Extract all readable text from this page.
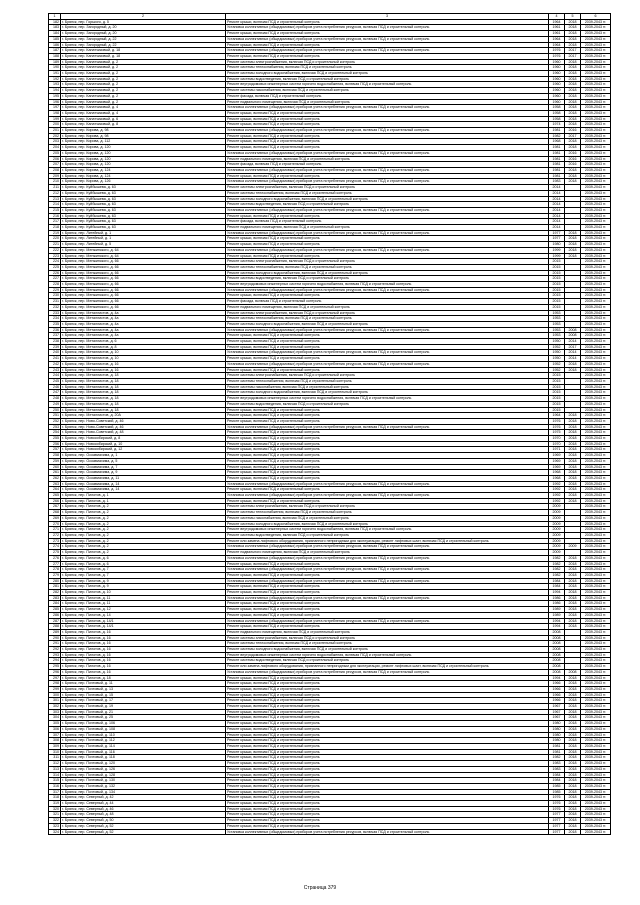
1	2	3	4	5	6
182	г. Брянск, пер. Горького, д. 5	Ремонт крыши, включая ПСД и строительный контроль	1964	2018	2039-2043 гг.
183	г. Брянск, пер. Загородный, д. 20	Установка коллективных (общедомовых) приборов учета потребления ресурсов, включая ПСД и строительный контроль	1961	2018	2039-2043 гг.
184	г. Брянск, пер. Загородный, д. 20	Ремонт крыши, включая ПСД и строительный контроль	1961	2018	2039-2043 гг.
185	г. Брянск, пер. Загородный, д. 22	Установка коллективных (общедомовых) приборов учета потребления ресурсов, включая ПСД и строительный контроль	1964	2018	2039-2043 гг.
186	г. Брянск, пер. Загородный, д. 22	Ремонт крыши, включая ПСД и строительный контроль	1964	2018	2039-2043 гг.
187	г. Брянск, пер. Канатчиковый, д. 18	Установка коллективных (общедомовых) приборов учета потребления ресурсов, включая ПСД и строительный контроль	1976	2017	2039-2043 гг.
188	г. Брянск, пер. Канатчиковый, д. 18	Ремонт крыши, включая ПСД и строительный контроль	1976	2017	2039-2043 гг.
189	г. Брянск, пер. Канатчиковый, д. 2	Ремонт системы электроснабжения, включая ПСД и строительный контроль	1960	2018	2039-2043 гг.
190	г. Брянск, пер. Канатчиковый, д. 2	Ремонт системы теплоснабжения, включая ПСД и строительный контроль	1960	2018	2039-2043 гг.
191	г. Брянск, пер. Канатчиковый, д. 2	Ремонт системы холодного водоснабжения, включая ПСД и строительный контроль	1960	2018	2039-2043 гг.
192	г. Брянск, пер. Канатчиковый, д. 2	Ремонт системы водоотведения, включая ПСД и строительный контроль	1960	2018	2039-2043 гг.
193	г. Брянск, пер. Канатчиковый, д. 2	Ремонт внутридомовых инженерных систем горячего водоснабжения, включая ПСД и строительный контроль	1960	2018	2039-2043 гг.
194	г. Брянск, пер. Канатчиковый, д. 2	Ремонт системы газоснабжения, включая ПСД и строительный контроль	1960	2018	2039-2043 гг.
195	г. Брянск, пер. Канатчиковый, д. 2	Ремонт фасада, включая ПСД и строительный контроль	1960	2018	2039-2043 гг.
196	г. Брянск, пер. Канатчиковый, д. 2	Ремонт подвального помещения, включая ПСД и строительный контроль	1960	2018	2039-2043 гг.
197	г. Брянск, пер. Канатчиковый, д. 4	Установка коллективных (общедомовых) приборов учета потребления ресурсов, включая ПСД и строительный контроль	1958	2018	2039-2043 гг.
198	г. Брянск, пер. Канатчиковый, д. 4	Ремонт крыши, включая ПСД и строительный контроль	1958	2018	2039-2043 гг.
199	г. Брянск, пер. Канатчиковый, д. 6	Ремонт крыши, включая ПСД и строительный контроль	1958	2018	2039-2043 гг.
200	г. Брянск, пер. Канатчиковый, д. 8	Ремонт крыши, включая ПСД и строительный контроль	1974	2018	2039-2043 гг.
201	г. Брянск, пер. Кирова, д. 98	Установка коллективных (общедомовых) приборов учета потребления ресурсов, включая ПСД и строительный контроль	1981	2016	2039-2043 гг.
202	г. Брянск, пер. Кирова, д. 98	Ремонт крыши, включая ПСД и строительный контроль	1982	2017	2039-2043 гг.
203	г. Брянск, пер. Кирова, д. 112	Ремонт крыши, включая ПСД и строительный контроль	1968	2018	2039-2043 гг.
204	г. Брянск, пер. Кирова, д. 120	Ремонт крыши, включая ПСД и строительный контроль	1981	2018	2039-2043 гг.
205	г. Брянск, пер. Кирова, д. 120	Установка коллективных (общедомовых) приборов учета потребления ресурсов, включая ПСД и строительный контроль	1981	2016	2039-2043 гг.
206	г. Брянск, пер. Кирова, д. 120	Ремонт подвального помещения, включая ПСД и строительный контроль	1981	2016	2039-2043 гг.
207	г. Брянск, пер. Кирова, д. 120	Ремонт фасада, включая ПСД и строительный контроль	1981	2016	2039-2043 гг.
208	г. Брянск, пер. Кирова, д. 124	Установка коллективных (общедомовых) приборов учета потребления ресурсов, включая ПСД и строительный контроль	1981	2018	2039-2043 гг.
209	г. Брянск, пер. Кирова, д. 124	Ремонт крыши, включая ПСД и строительный контроль	1981	2018	2039-2043 гг.
210	г. Брянск, пер. Кирова, д. 126	Установка коллективных (общедомовых) приборов учета потребления ресурсов, включая ПСД и строительный контроль	1983	2018	2039-2043 гг.
211	г. Брянск, пер. Куйбышева, д. 63	Ремонт системы электроснабжения, включая ПСД и строительный контроль	2014		2039-2043 гг.
212	г. Брянск, пер. Куйбышева, д. 63	Ремонт системы теплоснабжения, включая ПСД и строительный контроль	2014		2039-2043 гг.
213	г. Брянск, пер. Куйбышева, д. 63	Ремонт системы холодного водоснабжения, включая ПСД и строительный контроль	2014		2039-2043 гг.
214	г. Брянск, пер. Куйбышева, д. 63	Ремонт системы водоотведения, включая ПСД и строительный контроль	2014		2039-2043 гг.
215	г. Брянск, пер. Куйбышева, д. 63	Установка коллективных (общедомовых) приборов учета потребления ресурсов, включая ПСД и строительный контроль	2014		2039-2043 гг.
216	г. Брянск, пер. Куйбышева, д. 63	Ремонт крыши, включая ПСД и строительный контроль	2014		2039-2043 гг.
217	г. Брянск, пер. Куйбышева, д. 63	Ремонт фасада, включая ПСД и строительный контроль	2014		2039-2043 гг.
218	г. Брянск, пер. Куйбышева, д. 63	Ремонт подвального помещения, включая ПСД и строительный контроль	2014		2039-2043 гг.
219	г. Брянск, пер. Литейный, д. 1	Установка коллективных (общедомовых) приборов учета потребления ресурсов, включая ПСД и строительный контроль	1977	2018	2039-2043 гг.
220	г. Брянск, пер. Литейный, д. 1	Ремонт крыши, включая ПСД и строительный контроль	1977	2018	2039-2043 гг.
221	г. Брянск, пер. Литейный, д. 5	Ремонт крыши, включая ПСД и строительный контроль	1980	2018	2039-2043 гг.
222	г. Брянск, пер. Менжинского, д. 64	Установка коллективных (общедомовых) приборов учета потребления ресурсов, включая ПСД и строительный контроль	1999	2018	2039-2043 гг.
223	г. Брянск, пер. Менжинского, д. 64	Ремонт крыши, включая ПСД и строительный контроль	1999	2018	2039-2043 гг.
224	г. Брянск, пер. Менжинского, д. 66	Ремонт системы электроснабжения, включая ПСД и строительный контроль	2015		2039-2043 гг.
225	г. Брянск, пер. Менжинского, д. 66	Ремонт системы теплоснабжения, включая ПСД и строительный контроль	2015		2039-2043 гг.
226	г. Брянск, пер. Менжинского, д. 66	Ремонт системы холодного водоснабжения, включая ПСД и строительный контроль	2015		2039-2043 гг.
227	г. Брянск, пер. Менжинского, д. 66	Ремонт системы водоотведения, включая ПСД и строительный контроль	2015		2039-2043 гг.
228	г. Брянск, пер. Менжинского, д. 66	Ремонт внутридомовых инженерных систем горячего водоснабжения, включая ПСД и строительный контроль	2015		2039-2043 гг.
229	г. Брянск, пер. Менжинского, д. 66	Установка коллективных (общедомовых) приборов учета потребления ресурсов, включая ПСД и строительный контроль	2015		2039-2043 гг.
230	г. Брянск, пер. Менжинского, д. 66	Ремонт крыши, включая ПСД и строительный контроль	2015		2039-2043 гг.
231	г. Брянск, пер. Менжинского, д. 66	Ремонт фасада, включая ПСД и строительный контроль	2015		2039-2043 гг.
232	г. Брянск, пер. Менжинского, д. 66	Ремонт подвального помещения, включая ПСД и строительный контроль	2015		2039-2043 гг.
233	г. Брянск, пер. Металлистов, д. 4а	Ремонт системы электроснабжения, включая ПСД и строительный контроль	1953		2039-2043 гг.
234	г. Брянск, пер. Металлистов, д. 4а	Ремонт системы теплоснабжения, включая ПСД и строительный контроль	1953		2039-2043 гг.
235	г. Брянск, пер. Металлистов, д. 4а	Ремонт системы холодного водоснабжения, включая ПСД и строительный контроль	1953		2039-2043 гг.
236	г. Брянск, пер. Металлистов, д. 4а	Установка коллективных (общедомовых) приборов учета потребления ресурсов, включая ПСД и строительный контроль	1953	2008	2039-2043 гг.
237	г. Брянск, пер. Металлистов, д. 4а	Ремонт крыши, включая ПСД и строительный контроль	1953	2008	2039-2043 гг.
238	г. Брянск, пер. Металлистов, д. 6	Ремонт крыши, включая ПСД и строительный контроль	1950	2014	2039-2043 гг.
239	г. Брянск, пер. Металлистов, д. 8	Ремонт крыши, включая ПСД и строительный контроль	1952	2017	2039-2043 гг.
240	г. Брянск, пер. Металлистов, д. 10	Установка коллективных (общедомовых) приборов учета потребления ресурсов, включая ПСД и строительный контроль	1950	2014	2039-2043 гг.
241	г. Брянск, пер. Металлистов, д. 10	Ремонт крыши, включая ПСД и строительный контроль	1950	2014	2039-2043 гг.
242	г. Брянск, пер. Металлистов, д. 16	Установка коллективных (общедомовых) приборов учета потребления ресурсов, включая ПСД и строительный контроль	1952	2018	2039-2043 гг.
243	г. Брянск, пер. Металлистов, д. 16	Ремонт крыши, включая ПСД и строительный контроль	1952	2018	2039-2043 гг.
244	г. Брянск, пер. Металлистов, д. 18	Ремонт системы электроснабжения, включая ПСД и строительный контроль	2015		2039-2043 гг.
245	г. Брянск, пер. Металлистов, д. 18	Ремонт системы теплоснабжения, включая ПСД и строительный контроль	2015		2039-2043 гг.
246	г. Брянск, пер. Металлистов, д. 18	Ремонт системы газоснабжения, включая ПСД и строительный контроль	2015		2039-2043 гг.
247	г. Брянск, пер. Металлистов, д. 18	Ремонт системы холодного водоснабжения, включая ПСД и строительный контроль	2015		2039-2043 гг.
248	г. Брянск, пер. Металлистов, д. 18	Ремонт внутридомовых инженерных систем горячего водоснабжения, включая ПСД и строительный контроль	2015		2039-2043 гг.
249	г. Брянск, пер. Металлистов, д. 18	Ремонт системы водоотведения, включая ПСД и строительный контроль	2015		2039-2043 гг.
250	г. Брянск, пер. Металлистов, д. 18	Ремонт крыши, включая ПСД и строительный контроль	2015		2039-2043 гг.
251	г. Брянск, пер. Металлистов, д. 20А	Ремонт крыши, включая ПСД и строительный контроль	1964	2018	2039-2043 гг.
252	г. Брянск, пер. Ново-Советский, д. 46	Ремонт крыши, включая ПСД и строительный контроль	1976	2018	2039-2043 гг.
253	г. Брянск, пер. Ново-Советский, д. 46	Установка коллективных (общедомовых) приборов учета потребления ресурсов, включая ПСД и строительный контроль	1976	2018	2039-2043 гг.
254	г. Брянск, пер. Ново-Советский, д. 48	Ремонт крыши, включая ПСД и строительный контроль	1975	2018	2039-2043 гг.
255	г. Брянск, пер. Новосибирский, д. 8	Ремонт крыши, включая ПСД и строительный контроль	1970	2018	2039-2043 гг.
256	г. Брянск, пер. Новосибирский, д. 10	Ремонт крыши, включая ПСД и строительный контроль	1970	2018	2039-2043 гг.
257	г. Брянск, пер. Новосибирский, д. 12	Ремонт крыши, включая ПСД и строительный контроль	1971	2018	2039-2043 гг.
258	г. Брянск, пер. Осоавиахима, д. 1	Ремонт крыши, включая ПСД и строительный контроль	1969	2018	2039-2043 гг.
259	г. Брянск, пер. Осоавиахима, д. 5	Ремонт крыши, включая ПСД и строительный контроль	1969	2018	2039-2043 гг.
260	г. Брянск, пер. Осоавиахима, д. 7	Ремонт крыши, включая ПСД и строительный контроль	1969	2018	2039-2043 гг.
261	г. Брянск, пер. Осоавиахима, д. 9	Ремонт крыши, включая ПСД и строительный контроль	1968	2018	2039-2043 гг.
262	г. Брянск, пер. Осоавиахима, д. 11	Ремонт крыши, включая ПСД и строительный контроль	1968	2018	2039-2043 гг.
263	г. Брянск, пер. Осоавиахима, д. 14	Установка коллективных (общедомовых) приборов учета потребления ресурсов, включая ПСД и строительный контроль	1992	2018	2039-2043 гг.
264	г. Брянск, пер. Осоавиахима, д. 14	Ремонт крыши, включая ПСД и строительный контроль	1992	2018	2039-2043 гг.
265	г. Брянск, пер. Пилотов, д. 1	Установка коллективных (общедомовых) приборов учета потребления ресурсов, включая ПСД и строительный контроль	1992	2018	2039-2043 гг.
266	г. Брянск, пер. Пилотов, д. 1	Ремонт крыши, включая ПСД и строительный контроль	1992	2018	2039-2043 гг.
267	г. Брянск, пер. Пилотов, д. 2	Ремонт системы электроснабжения, включая ПСД и строительный контроль	2009		2039-2043 гг.
268	г. Брянск, пер. Пилотов, д. 2	Ремонт системы теплоснабжения, включая ПСД и строительный контроль	2009		2039-2043 гг.
269	г. Брянск, пер. Пилотов, д. 2	Ремонт системы газоснабжения, включая ПСД и строительный контроль	2009		2039-2043 гг.
270	г. Брянск, пер. Пилотов, д. 2	Ремонт системы холодного водоснабжения, включая ПСД и строительный контроль	2009		2039-2043 гг.
271	г. Брянск, пер. Пилотов, д. 2	Ремонт внутридомовых инженерных систем горячего водоснабжения, включая ПСД и строительный контроль	2009		2039-2043 гг.
272	г. Брянск, пер. Пилотов, д. 2	Ремонт системы водоотведения, включая ПСД и строительный контроль	2009		2039-2043 гг.
273	г. Брянск, пер. Пилотов, д. 2	Ремонт или замена лифтового оборудования, признанного непригодным для эксплуатации, ремонт лифтовых шахт, включая ПСД и строительный контроль	2009		2039-2043 гг.
274	г. Брянск, пер. Пилотов, д. 2	Установка коллективных (общедомовых) приборов учета потребления ресурсов, включая ПСД и строительный контроль	2009	2009	2039-2043 гг.
275	г. Брянск, пер. Пилотов, д. 2	Ремонт подвального помещения, включая ПСД и строительный контроль	2009		2039-2043 гг.
276	г. Брянск, пер. Пилотов, д. 6	Установка коллективных (общедомовых) приборов учета потребления ресурсов, включая ПСД и строительный контроль	1982	2018	2039-2043 гг.
277	г. Брянск, пер. Пилотов, д. 6	Ремонт крыши, включая ПСД и строительный контроль	1982	2018	2039-2043 гг.
278	г. Брянск, пер. Пилотов, д. 7	Установка коллективных (общедомовых) приборов учета потребления ресурсов, включая ПСД и строительный контроль	1982	2018	2039-2043 гг.
279	г. Брянск, пер. Пилотов, д. 7	Ремонт крыши, включая ПСД и строительный контроль	1982	2018	2039-2043 гг.
280	г. Брянск, пер. Пилотов, д. 9	Установка коллективных (общедомовых) приборов учета потребления ресурсов, включая ПСД и строительный контроль	1984	2018	2039-2043 гг.
281	г. Брянск, пер. Пилотов, д. 9	Ремонт крыши, включая ПСД и строительный контроль	1984	2018	2039-2043 гг.
282	г. Брянск, пер. Пилотов, д. 10	Ремонт крыши, включая ПСД и строительный контроль	1994	2018	2039-2043 гг.
283	г. Брянск, пер. Пилотов, д. 11	Установка коллективных (общедомовых) приборов учета потребления ресурсов, включая ПСД и строительный контроль	1986	2018	2039-2043 гг.
284	г. Брянск, пер. Пилотов, д. 11	Ремонт крыши, включая ПСД и строительный контроль	1986	2018	2039-2043 гг.
285	г. Брянск, пер. Пилотов, д. 12	Ремонт крыши, включая ПСД и строительный контроль	1989	2018	2039-2043 гг.
286	г. Брянск, пер. Пилотов, д. 14	Ремонт крыши, включая ПСД и строительный контроль	1989	2018	2039-2043 гг.
287	г. Брянск, пер. Пилотов, д. 14/1	Установка коллективных (общедомовых) приборов учета потребления ресурсов, включая ПСД и строительный контроль	1994	2018	2039-2043 гг.
288	г. Брянск, пер. Пилотов, д. 14/1	Ремонт крыши, включая ПСД и строительный контроль	1994	2018	2039-2043 гг.
289	г. Брянск, пер. Пилотов, д. 16	Ремонт подвального помещения, включая ПСД и строительный контроль	2008		2039-2043 гг.
290	г. Брянск, пер. Пилотов, д. 16	Ремонт системы электроснабжения, включая ПСД и строительный контроль	2008		2039-2043 гг.
291	г. Брянск, пер. Пилотов, д. 16	Ремонт системы теплоснабжения, включая ПСД и строительный контроль	2008		2039-2043 гг.
292	г. Брянск, пер. Пилотов, д. 16	Ремонт системы холодного водоснабжения, включая ПСД и строительный контроль	2008		2039-2043 гг.
293	г. Брянск, пер. Пилотов, д. 16	Ремонт внутридомовых инженерных систем горячего водоснабжения, включая ПСД и строительный контроль	2008		2039-2043 гг.
294	г. Брянск, пер. Пилотов, д. 16	Ремонт системы водоотведения, включая ПСД и строительный контроль	2008		2039-2043 гг.
295	г. Брянск, пер. Пилотов, д. 16	Ремонт или замена лифтового оборудования, признанного непригодным для эксплуатации, ремонт лифтовых шахт, включая ПСД и строительный контроль	2008		2039-2043 гг.
296	г. Брянск, пер. Пилотов, д. 16	Установка коллективных (общедомовых) приборов учета потребления ресурсов, включая ПСД и строительный контроль	2008	2008	2039-2043 гг.
297	г. Брянск, пер. Пилотов, д. 18	Ремонт крыши, включая ПСД и строительный контроль	1994	2018	2039-2043 гг.
298	г. Брянск, пер. Почтовый, д. 11	Ремонт крыши, включая ПСД и строительный контроль	1966	2018	2039-2043 гг.
299	г. Брянск, пер. Почтовый, д. 13	Ремонт крыши, включая ПСД и строительный контроль	1966	2018	2039-2043 гг.
300	г. Брянск, пер. Почтовый, д. 15	Ремонт крыши, включая ПСД и строительный контроль	1966	2018	2039-2043 гг.
301	г. Брянск, пер. Почтовый, д. 17	Ремонт крыши, включая ПСД и строительный контроль	1966	2018	2039-2043 гг.
302	г. Брянск, пер. Почтовый, д. 19	Ремонт крыши, включая ПСД и строительный контроль	1967	2018	2039-2043 гг.
303	г. Брянск, пер. Почтовый, д. 21	Ремонт крыши, включая ПСД и строительный контроль	1967	2018	2039-2043 гг.
304	г. Брянск, пер. Почтовый, д. 25	Ремонт крыши, включая ПСД и строительный контроль	1967	2018	2039-2043 гг.
305	г. Брянск, пер. Почтовый, д. 106	Ремонт крыши, включая ПСД и строительный контроль	1980	2018	2039-2043 гг.
306	г. Брянск, пер. Почтовый, д. 108	Ремонт крыши, включая ПСД и строительный контроль	1980	2018	2039-2043 гг.
307	г. Брянск, пер. Почтовый, д. 110	Ремонт крыши, включая ПСД и строительный контроль	1980	2018	2039-2043 гг.
308	г. Брянск, пер. Почтовый, д. 112	Ремонт крыши, включая ПСД и строительный контроль	1980	2018	2039-2043 гг.
309	г. Брянск, пер. Почтовый, д. 114	Ремонт крыши, включая ПСД и строительный контроль	1981	2018	2039-2043 гг.
310	г. Брянск, пер. Почтовый, д. 116	Ремонт крыши, включая ПСД и строительный контроль	1981	2018	2039-2043 гг.
311	г. Брянск, пер. Почтовый, д. 118	Ремонт крыши, включая ПСД и строительный контроль	1982	2018	2039-2043 гг.
312	г. Брянск, пер. Почтовый, д. 120	Ремонт крыши, включая ПСД и строительный контроль	1983	2018	2039-2043 гг.
313	г. Брянск, пер. Почтовый, д. 126	Ремонт крыши, включая ПСД и строительный контроль	1983	2018	2039-2043 гг.
314	г. Брянск, пер. Почтовый, д. 128	Ремонт крыши, включая ПСД и строительный контроль	1984	2018	2039-2043 гг.
315	г. Брянск, пер. Почтовый, д. 130	Ремонт крыши, включая ПСД и строительный контроль	1984	2018	2039-2043 гг.
316	г. Брянск, пер. Почтовый, д. 132	Ремонт крыши, включая ПСД и строительный контроль	1985	2018	2039-2043 гг.
317	г. Брянск, пер. Почтовый, д. 134	Ремонт крыши, включая ПСД и строительный контроль	1985	2018	2039-2043 гг.
318	г. Брянск, пер. Северный, д. 42	Ремонт крыши, включая ПСД и строительный контроль	1976	2018	2039-2043 гг.
319	г. Брянск, пер. Северный, д. 44	Ремонт крыши, включая ПСД и строительный контроль	1976	2018	2039-2043 гг.
320	г. Брянск, пер. Северный, д. 46	Ремонт крыши, включая ПСД и строительный контроль	1976	2018	2039-2043 гг.
321	г. Брянск, пер. Северный, д. 48	Ремонт крыши, включая ПСД и строительный контроль	1977	2018	2039-2043 гг.
322	г. Брянск, пер. Северный, д. 50	Ремонт крыши, включая ПСД и строительный контроль	1977	2018	2039-2043 гг.
323	г. Брянск, пер. Северный, д. 52	Ремонт крыши, включая ПСД и строительный контроль	1977	2018	2039-2043 гг.
324	г. Брянск, пер. Северный, д. 52	Установка коллективных (общедомовых) приборов учета потребления ресурсов, включая ПСД и строительный контроль	1977	2018	2039-2043 гг.
Страница 379
